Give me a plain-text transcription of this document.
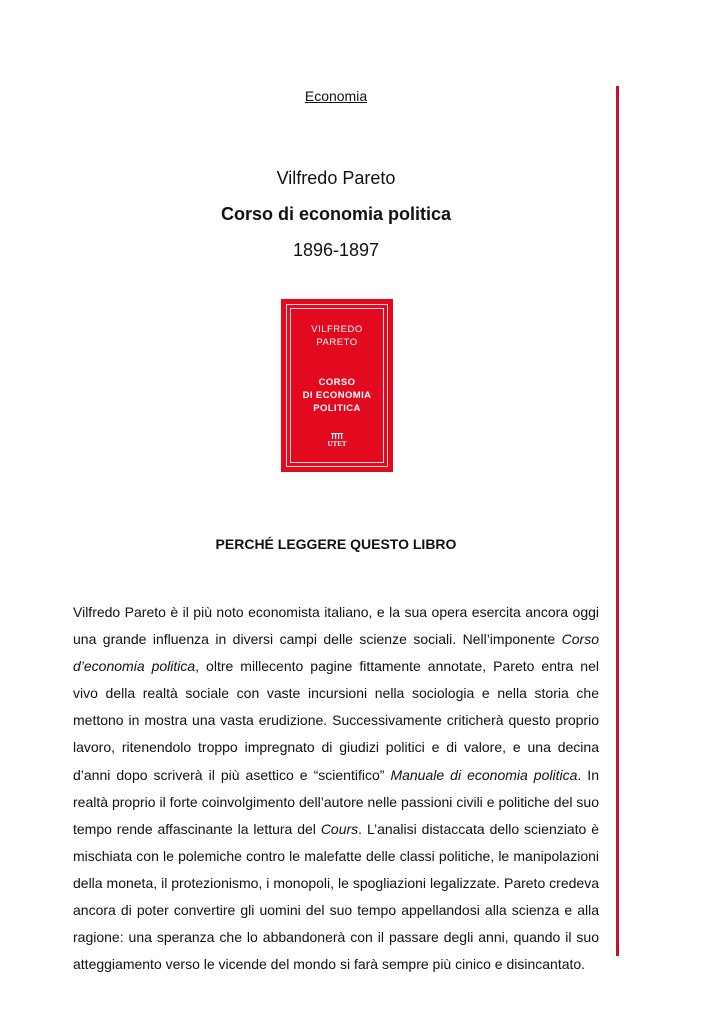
Economia
Vilfredo Pareto
Corso di economia politica
1896-1897
VILFREDO
PARETO
CORSO
DI ECONOMIA
POLITICA
UTET
PERCHÉ LEGGERE QUESTO LIBRO

Vilfredo Pareto è il più noto economista italiano, e la sua opera esercita ancora oggi una grande influenza in diversi campi delle scienze sociali. Nell’imponente Corso d’economia politica, oltre millecento pagine fittamente annotate, Pareto entra nel vivo della realtà sociale con vaste incursioni nella sociologia e nella storia che mettono in mostra una vasta erudizione. Successivamente criticherà questo proprio lavoro, ritenendolo troppo impregnato di giudizi politici e di valore, e una decina d’anni dopo scriverà il più asettico e “scientifico” Manuale di economia politica. In realtà proprio il forte coinvolgimento dell’autore nelle passioni civili e politiche del suo tempo rende affascinante la lettura del Cours. L’analisi distaccata dello scienziato è mischiata con le polemiche contro le malefatte delle classi politiche, le manipolazioni della moneta, il protezionismo, i monopoli, le spogliazioni legalizzate. Pareto credeva ancora di poter convertire gli uomini del suo tempo appellandosi alla scienza e alla ragione: una speranza che lo abbandonerà con il passare degli anni, quando il suo atteggiamento verso le vicende del mondo si farà sempre più cinico e disincantato.
